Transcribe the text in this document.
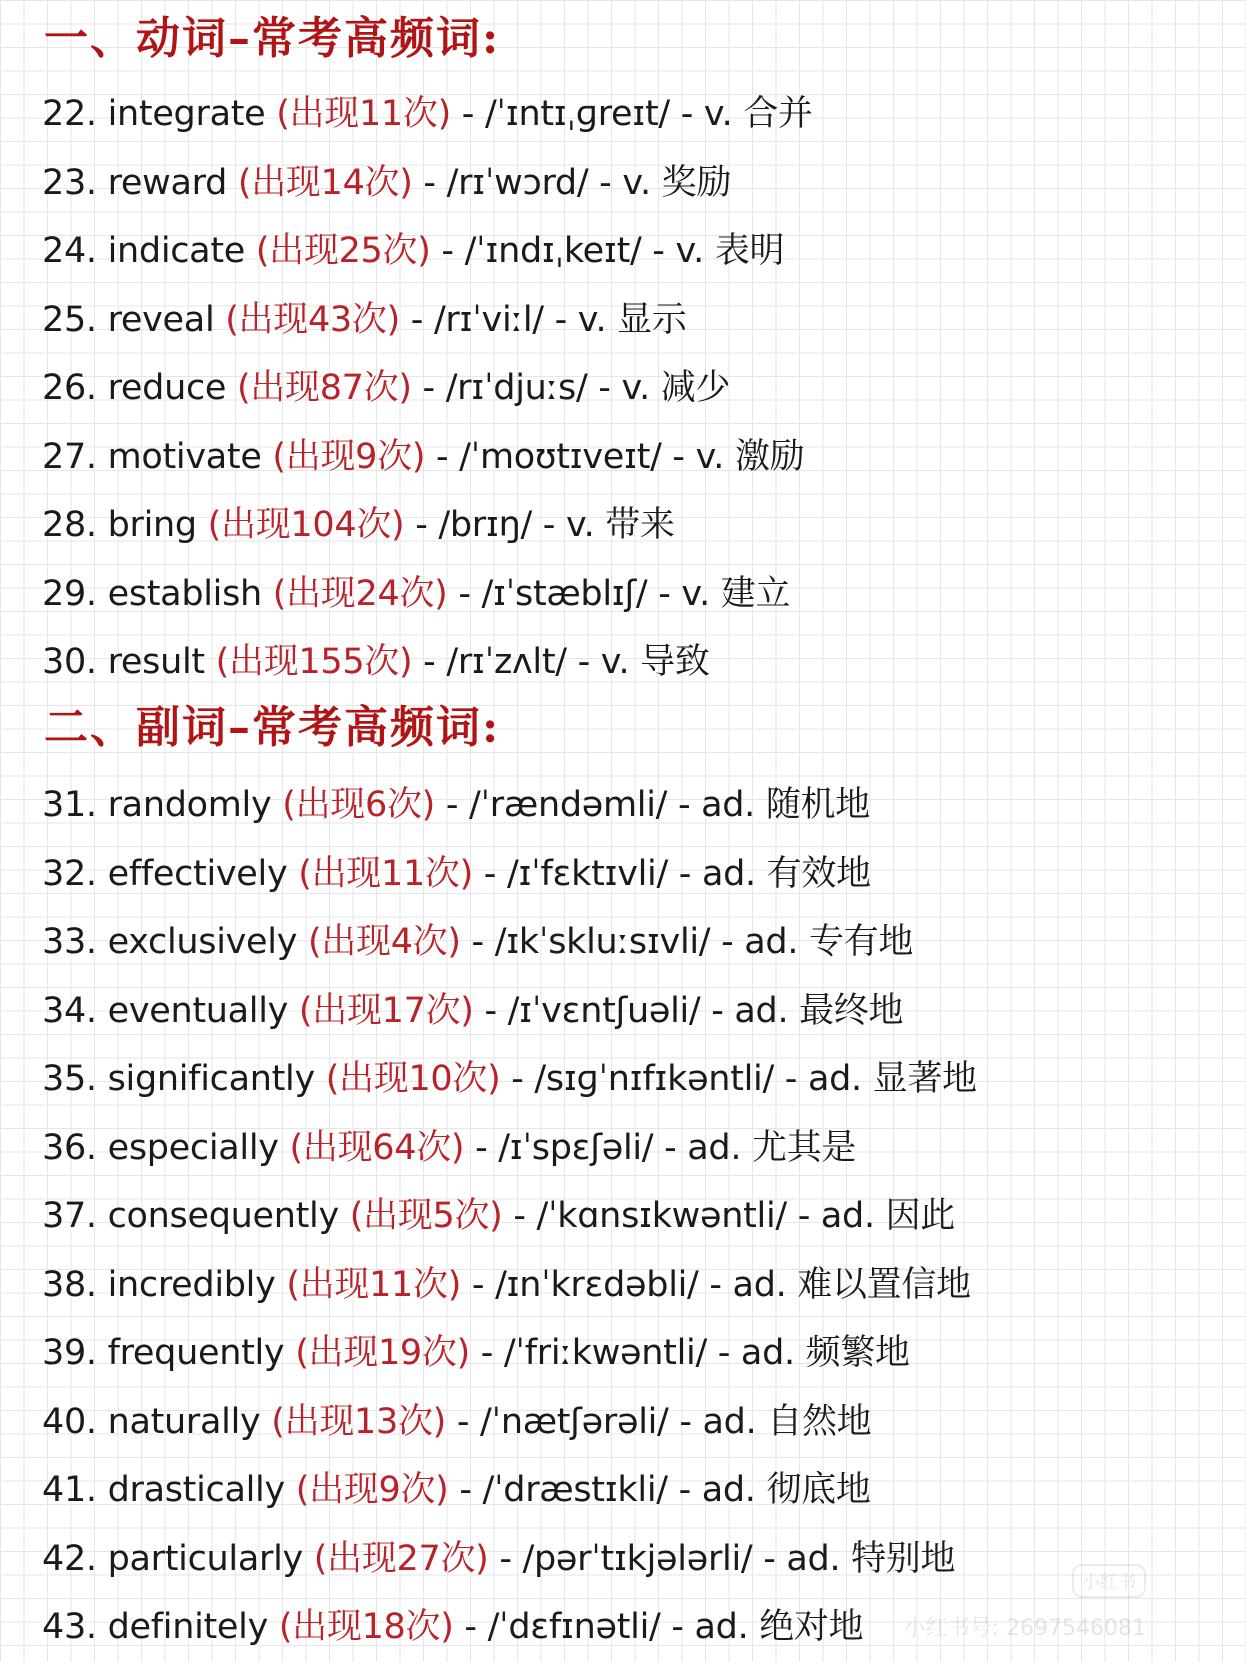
一、动词–常考高频词:
22. integrate (出现11次) - /ˈɪntɪˌɡreɪt/ - v. 合并
23. reward (出现14次) - /rɪˈwɔrd/ - v. 奖励
24. indicate (出现25次) - /ˈɪndɪˌkeɪt/ - v. 表明
25. reveal (出现43次) - /rɪˈviːl/ - v. 显示
26. reduce (出现87次) - /rɪˈdjuːs/ - v. 减少
27. motivate (出现9次) - /ˈmoʊtɪveɪt/ - v. 激励
28. bring (出现104次) - /brɪŋ/ - v. 带来
29. establish (出现24次) - /ɪˈstæblɪʃ/ - v. 建立
30. result (出现155次) - /rɪˈzʌlt/ - v. 导致
二、副词–常考高频词:
31. randomly (出现6次) - /ˈrændəmli/ - ad. 随机地
32. effectively (出现11次) - /ɪˈfɛktɪvli/ - ad. 有效地
33. exclusively (出现4次) - /ɪkˈskluːsɪvli/ - ad. 专有地
34. eventually (出现17次) - /ɪˈvɛntʃuəli/ - ad. 最终地
35. significantly (出现10次) - /sɪɡˈnɪfɪkəntli/ - ad. 显著地
36. especially (出现64次) - /ɪˈspɛʃəli/ - ad. 尤其是
37. consequently (出现5次) - /ˈkɑnsɪkwəntli/ - ad. 因此
38. incredibly (出现11次) - /ɪnˈkrɛdəbli/ - ad. 难以置信地
39. frequently (出现19次) - /ˈfriːkwəntli/ - ad. 频繁地
40. naturally (出现13次) - /ˈnætʃərəli/ - ad. 自然地
41. drastically (出现9次) - /ˈdræstɪkli/ - ad. 彻底地
42. particularly (出现27次) - /pərˈtɪkjələrli/ - ad. 特别地
43. definitely (出现18次) - /ˈdɛfɪnətli/ - ad. 绝对地
小红书
小红书号: 2697546081
